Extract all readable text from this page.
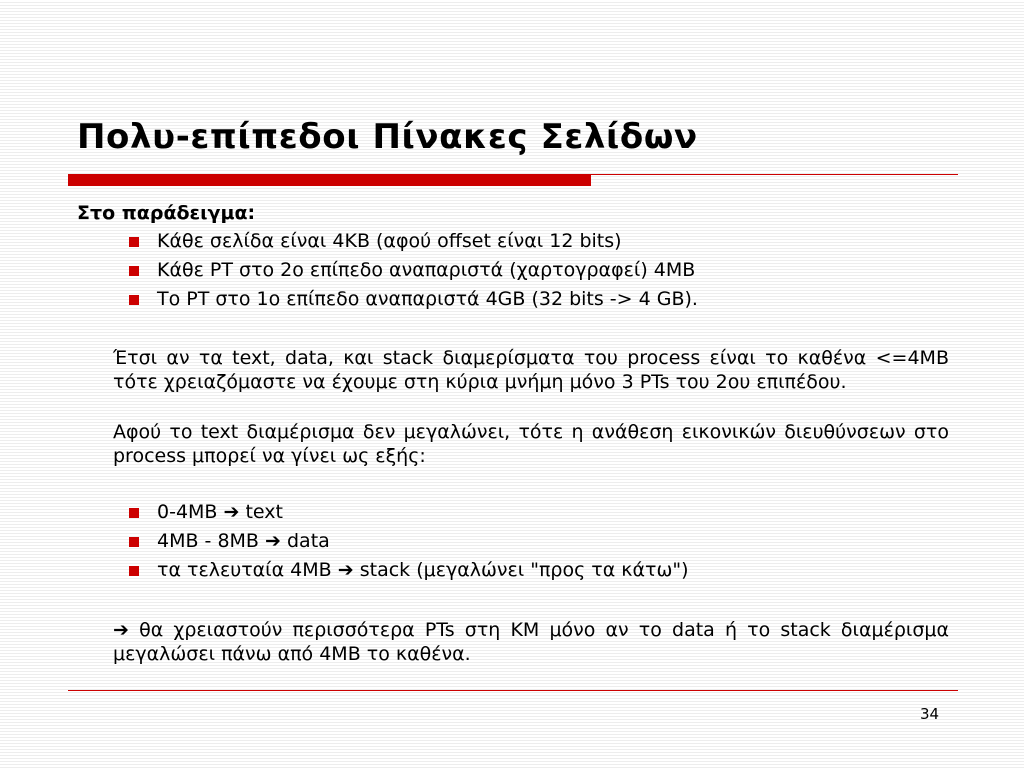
Πολυ-επίπεδοι Πίνακες Σελίδων

Στο παράδειγμα:

Κάθε σελίδα είναι 4KB (αφού offset είναι 12 bits)
Κάθε PT στο 2ο επίπεδο αναπαριστά (χαρτογραφεί) 4MB
Το PT στο 1ο επίπεδο αναπαριστά 4GB (32 bits -> 4 GB).

Έτσι αν τα text, data, και stack διαμερίσματα του process είναι το καθένα <=4MB τότε χρειαζόμαστε να έχουμε στη κύρια μνήμη μόνο 3 PTs του 2ου επιπέδου.

Αφού το text διαμέρισμα δεν μεγαλώνει, τότε η ανάθεση εικονικών διευθύνσεων στο process μπορεί να γίνει ως εξής:

0-4MB ➔ text
4MB - 8MB ➔ data
τα τελευταία 4MB ➔ stack (μεγαλώνει "προς τα κάτω")

➔ θα χρειαστούν περισσότερα PTs στη KM μόνο αν το data ή το stack διαμέρισμα μεγαλώσει πάνω από 4MB το καθένα.

34
